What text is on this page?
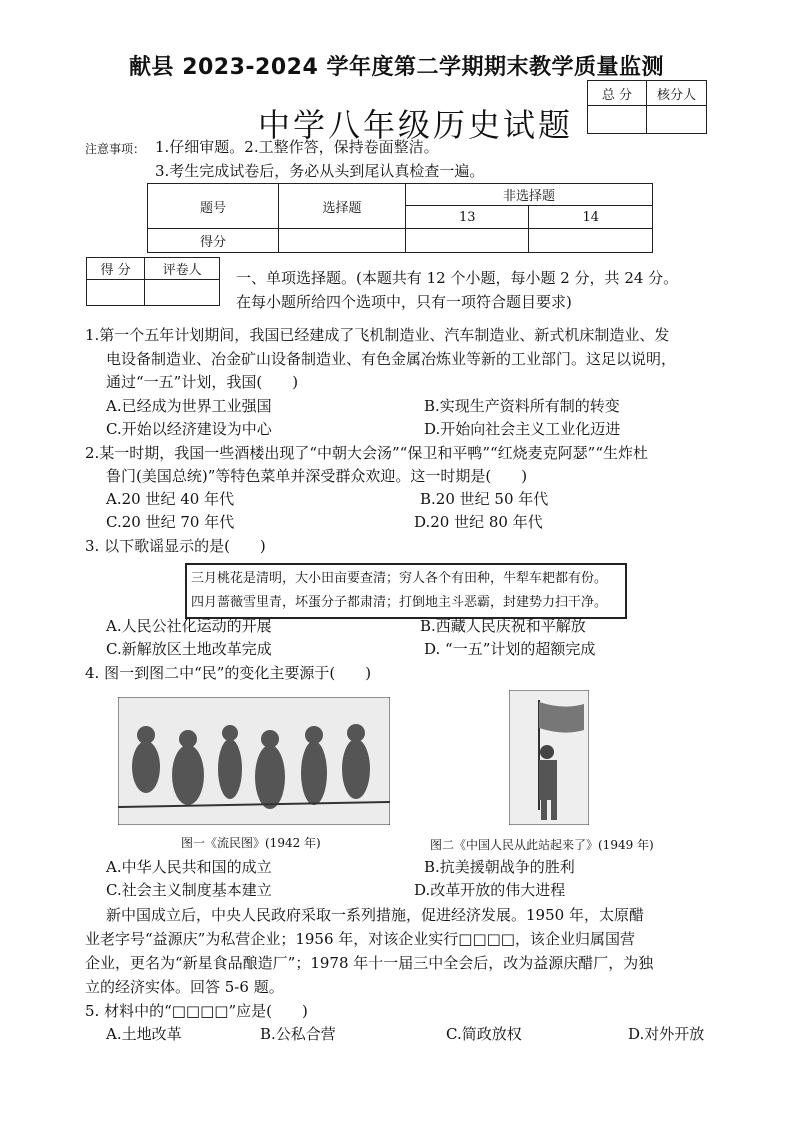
献县 2023-2024 学年度第二学期期末教学质量监测
中学八年级历史试题
总 分	核分人

注意事项： 1.仔细审题。2.工整作答，保持卷面整洁。
3.考生完成试卷后，务必从头到尾认真检查一遍。
题号	选择题	非选择题	
		13	14
得分			
得 分	评卷人
	一、单项选择题。(本题共有 12 个小题，每小题 2 分，共 24 分。
在每小题所给四个选项中，只有一项符合题目要求)
1.第一个五年计划期间，我国已经建成了飞机制造业、汽车制造业、新式机床制造业、发
电设备制造业、冶金矿山设备制造业、有色金属冶炼业等新的工业部门。这足以说明，
通过“一五”计划，我国(　　)
A.已经成为世界工业强国	B.实现生产资料所有制的转变
C.开始以经济建设为中心	D.开始向社会主义工业化迈进
2.某一时期，我国一些酒楼出现了“中朝大会汤”“保卫和平鸭”“红烧麦克阿瑟”“生炸杜
鲁门(美国总统)”等特色菜单并深受群众欢迎。这一时期是(　　)
A.20 世纪 40 年代	B.20 世纪 50 年代
C.20 世纪 70 年代	D.20 世纪 80 年代
3. 以下歌谣显示的是(　　)
三月桃花是清明，大小田亩要查清；穷人各个有田种，牛犁车耙都有份。
四月蔷薇雪里青，坏蛋分子都肃清；打倒地主斗恶霸，封建势力扫干净。
A.人民公社化运动的开展	B.西藏人民庆祝和平解放
C.新解放区土地改革完成	D. “一五”计划的超额完成
4. 图一到图二中“民”的变化主要源于(　　)
图一《流民图》(1942 年)	图二《中国人民从此站起来了》(1949 年)
A.中华人民共和国的成立	B.抗美援朝战争的胜利
C.社会主义制度基本建立	D.改革开放的伟大进程
新中国成立后，中央人民政府采取一系列措施，促进经济发展。1950 年，太原醋
业老字号“益源庆”为私营企业；1956 年，对该企业实行□□□□，该企业归属国营
企业，更名为“新星食品酿造厂”；1978 年十一届三中全会后，改为益源庆醋厂，为独
立的经济实体。回答 5-6 题。
5. 材料中的“□□□□”应是(　　)
A.土地改革	B.公私合营	C.简政放权	D.对外开放
